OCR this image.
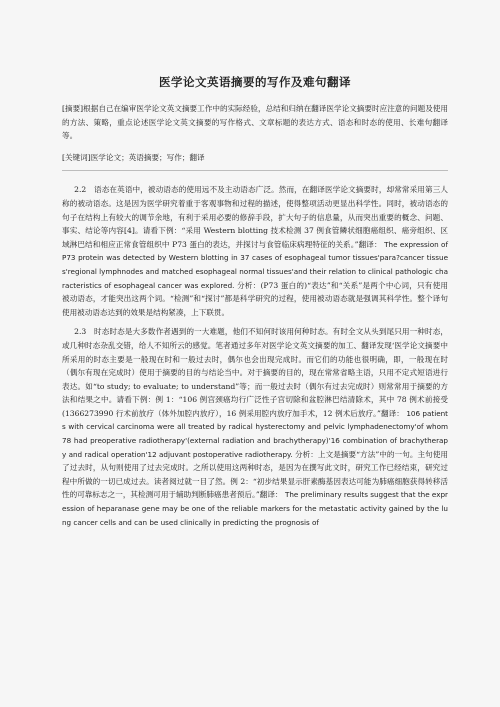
医学论文英语摘要的写作及难句翻译
[摘要]根据自己在编审医学论文英文摘要工作中的实际经验，总结和归纳在翻译医学论文摘要时应注意的问题及使用的方法、策略，重点论述医学论文英文摘要的写作格式、文章标题的表达方式、语态和时态的使用、长难句翻译等。
[关键词]医学论文；英语摘要；写作；翻译
2.2　语态在英语中，被动语态的使用远不及主动语态广泛。然而，在翻译医学论文摘要时，却常常采用第三人称的被动语态。这是因为医学研究着重于客观事物和过程的描述，使得整项活动更显出科学性。同时，被动语态的句子在结构上有较大的调节余地，有利于采用必要的修辞手段，扩大句子的信息量，从而突出重要的概念、问题、事实、结论等内容[4]。请看下例：“采用 Western blotting 技术检测 37 例食管鳞状细胞癌组织、癌旁组织、区域淋巴结和相应正常食管组织中 P73 蛋白的表达，并探讨与食管临床病理特征的关系。”翻译： The expression of P73 protein was detected by Western blotting in 37 cases of esophageal tumor tissues'para?cancer tissues'regional lymphnodes and matched esophageal normal tissues'and their relation to clinical pathologic characteristics of esophageal cancer was explored. 分析：(P73 蛋白的)“表达”和“关系”是两个中心词，只有使用被动语态，才能突出这两个词。“检测”和“探讨”都是科学研究的过程，使用被动语态就是强调其科学性。整个译句使用被动语态达到的效果是结构紧凑，上下联贯。
2.3　时态时态是大多数作者遇到的一大难题，他们不知何时该用何种时态。有时全文从头到尾只用一种时态，或几种时态杂乱交错，给人不知所云的感觉。笔者通过多年对医学论文英文摘要的加工、翻译发现‘医学论文摘要中所采用的时态主要是一般现在时和一般过去时，偶尔也会出现完成时。而它们的功能也很明确，即，一般现在时（偶尔有现在完成时）使用于摘要的目的与结论当中。对于摘要的目的，现在常常省略主语，只用不定式短语进行表达。如“to study; to evaluate; to understand”等；而一般过去时（偶尔有过去完成时）则常常用于摘要的方法和结果之中。请看下例：例 1：“106 例宫颈癌均行广泛性子宫切除和盆腔淋巴结清除术，其中 78 例术前接受 (1366273990 行术前放疗（体外加腔内放疗），16 例采用腔内放疗加手术，12 例术后放疗。”翻译： 106 patients with cervical carcinoma were all treated by radical hysterectomy and pelvic lymphadenectomy'of whom 78 had preoperative radiotherapy'(external radiation and brachytherapy)'16 combination of brachytherapy and radical operation'12 adjuvant postoperative radiotherapy. 分析：上文是摘要“方法”中的一句。主句使用了过去时，从句则使用了过去完成时。之所以使用这两种时态，是因为在撰写此文时，研究工作已经结束，研究过程中所做的一切已成过去。读者阅过就一目了然。例 2：“初步结果显示肝素酶基因表达可能为肺癌细胞获得转移活性的可靠标志之一，其检测可用于辅助判断肺癌患者预后。”翻译： The preliminary results suggest that the expression of heparanase gene may be one of the reliable markers for the metastatic activity gained by the lung cancer cells and can be used clinically in predicting the prognosis of
